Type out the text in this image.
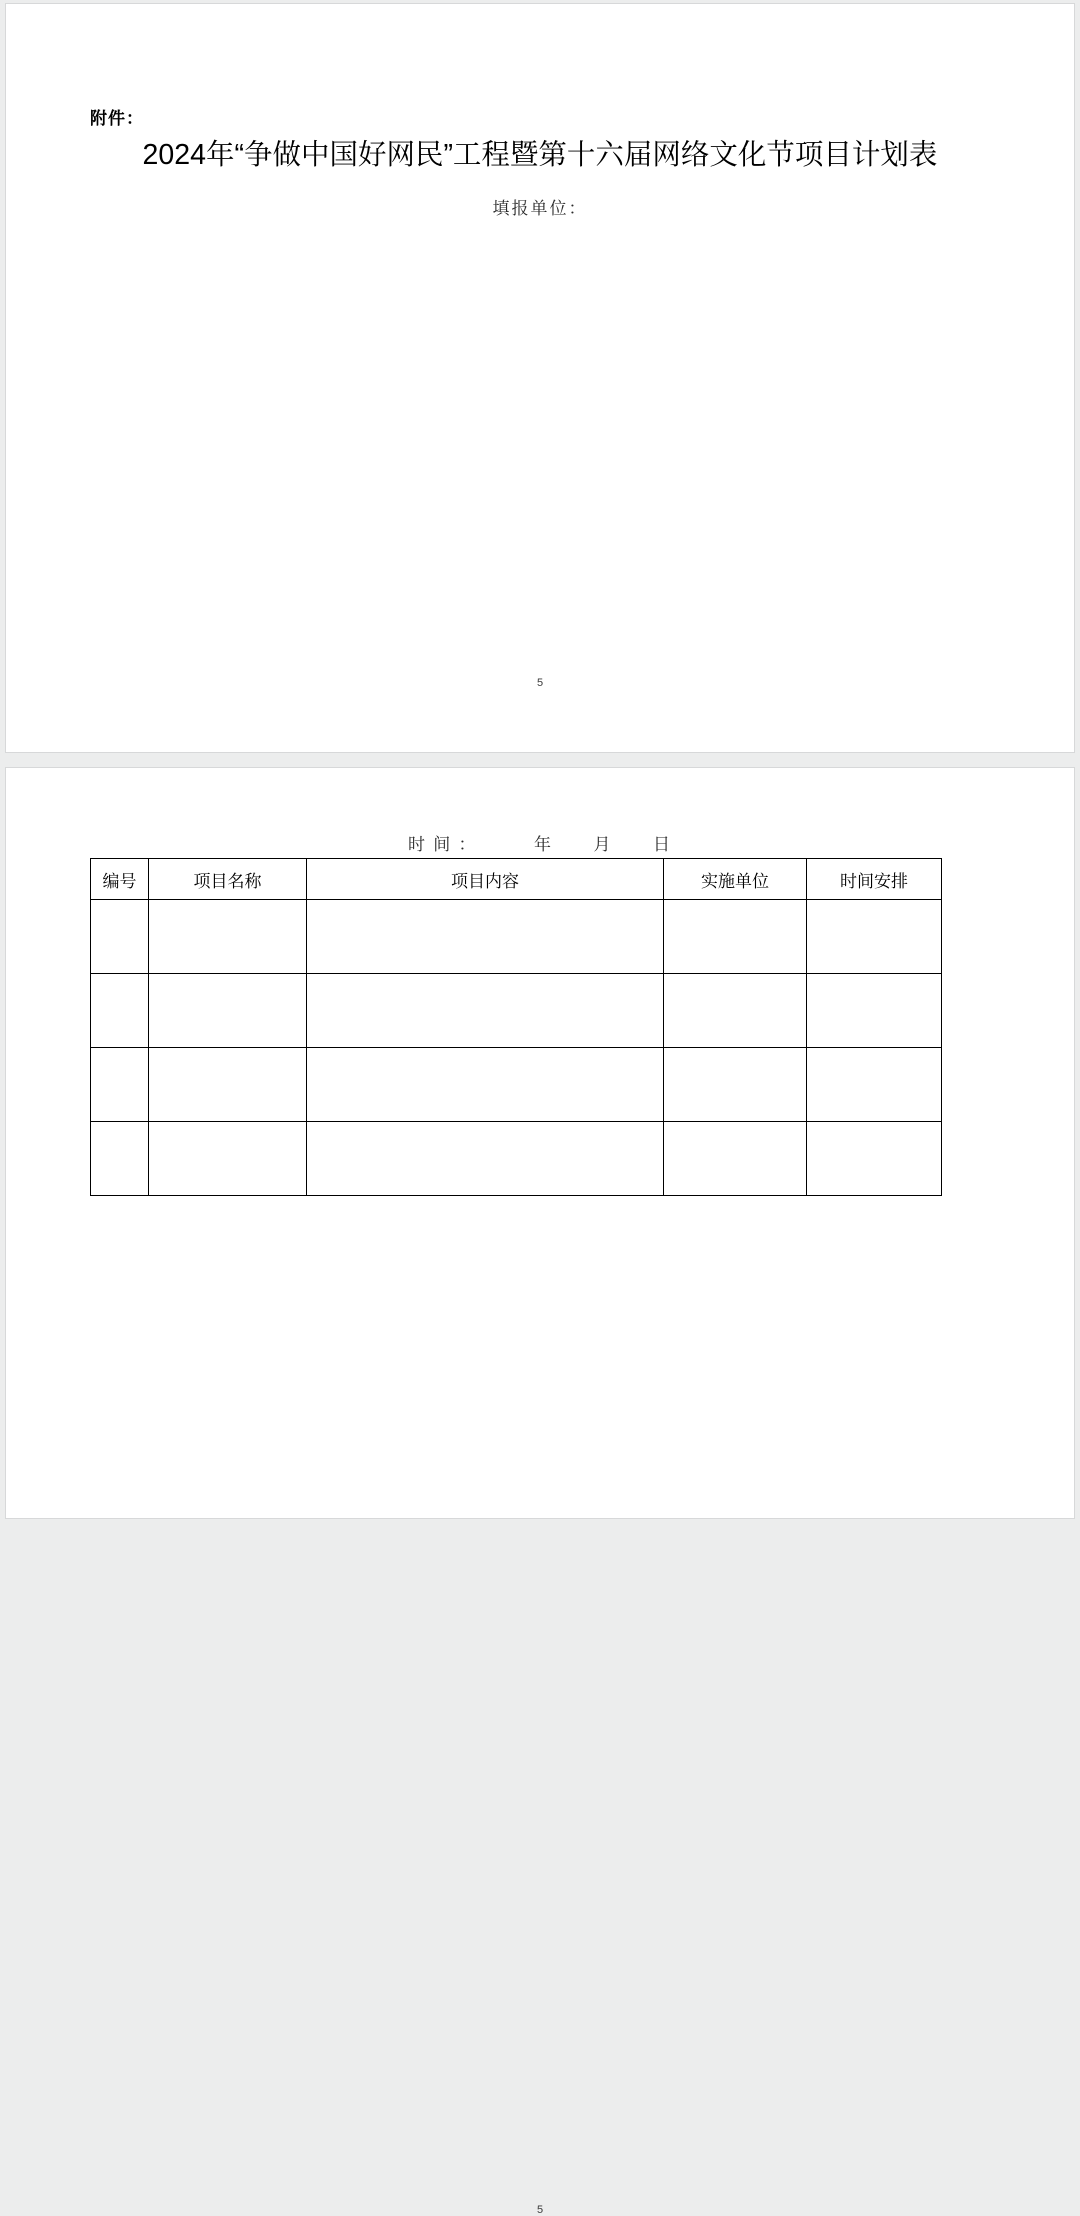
附件：
2024年“争做中国好网民”工程暨第十六届网络文化节项目计划表
填报单位：
5
时 间 ：	年 月 日
编号	项目名称	项目内容	实施单位	时间安排

5
